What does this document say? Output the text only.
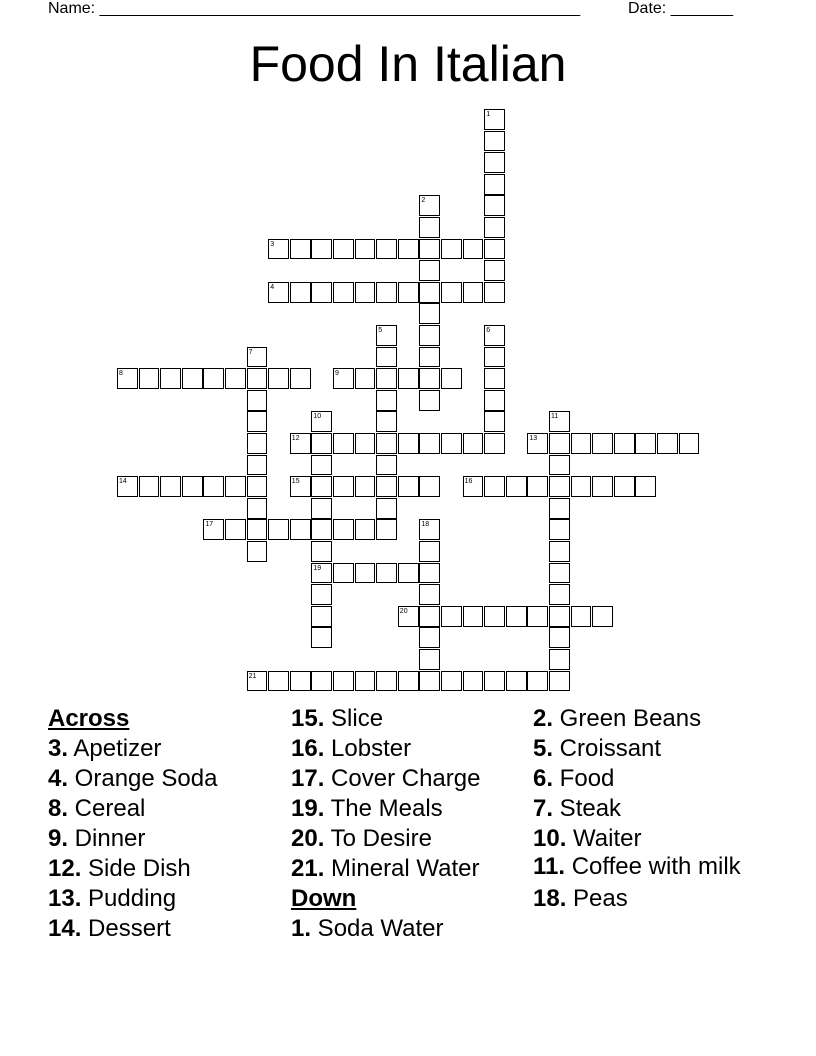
Name: ______________________________________________________	Date: _______
Food In Italian
1
2
3
4
5	6
7
8	9
10
19
11
12	13
14	15	16
17	18
20
21
Across
3. Apetizer
4. Orange Soda
8. Cereal
9. Dinner
12. Side Dish
13. Pudding
14. Dessert
15. Slice
16. Lobster
17. Cover Charge
19. The Meals
20. To Desire
21. Mineral Water
Down
1. Soda Water
2. Green Beans
5. Croissant
6. Food
7. Steak
10. Waiter
11. Coffee with milk
18. Peas
